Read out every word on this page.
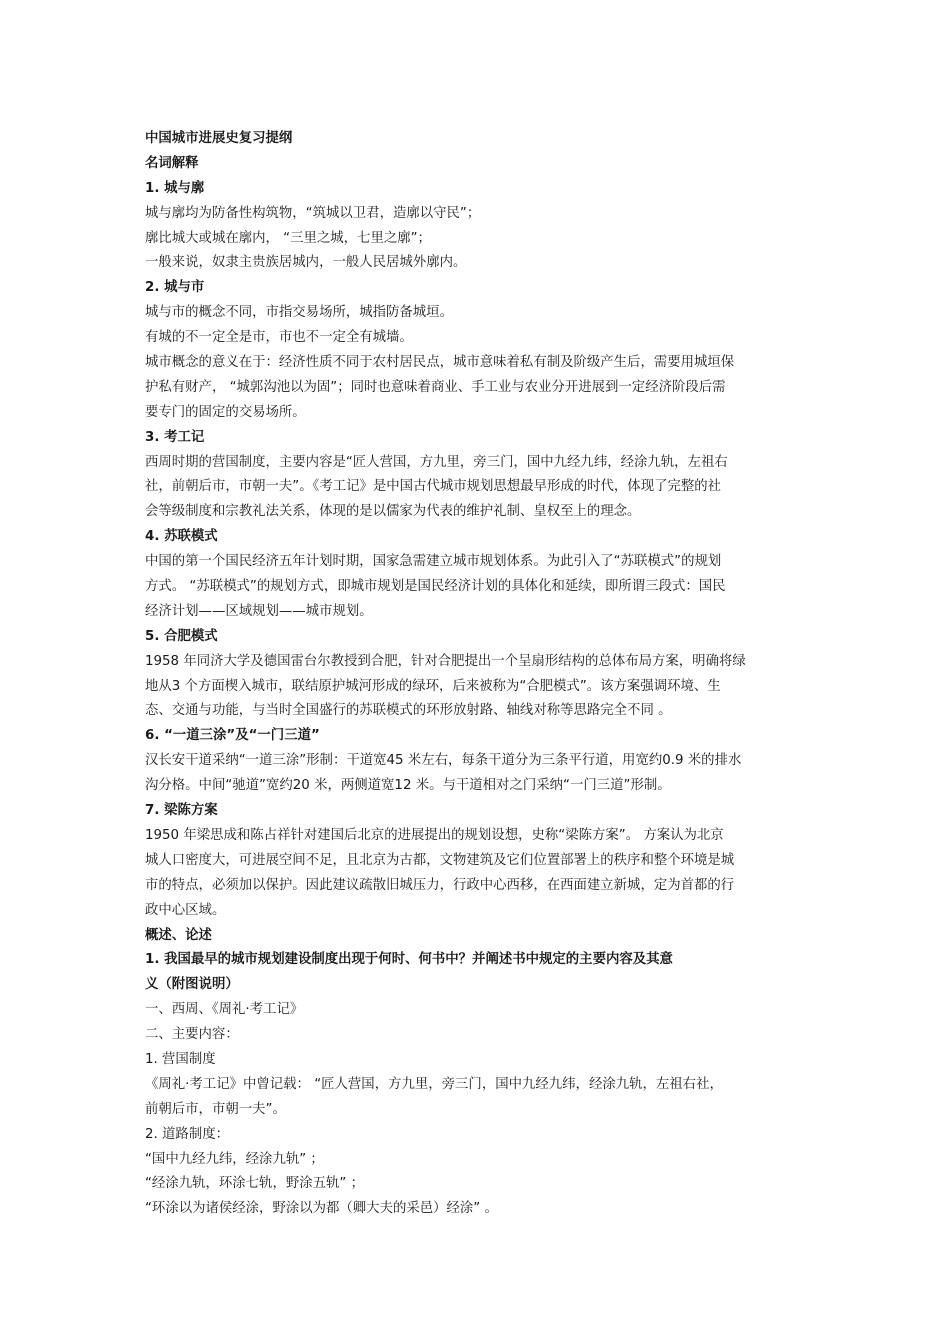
中国城市进展史复习提纲
名词解释
1. 城与廓
城与廓均为防备性构筑物，“筑城以卫君，造廓以守民”；
廓比城大或城在廓内， “三里之城，七里之廓”；
一般来说，奴隶主贵族居城内，一般人民居城外廓内。
2. 城与市
城与市的概念不同，市指交易场所，城指防备城垣。
有城的不一定全是市，市也不一定全有城墙。
城市概念的意义在于：经济性质不同于农村居民点，城市意味着私有制及阶级产生后，需要用城垣保
护私有财产， “城郭沟池以为固”；同时也意味着商业、手工业与农业分开进展到一定经济阶段后需
要专门的固定的交易场所。
3. 考工记
西周时期的营国制度，主要内容是“匠人营国，方九里，旁三门，国中九经九纬，经涂九轨，左祖右
社，前朝后市，市朝一夫”。《考工记》是中国古代城市规划思想最早形成的时代，体现了完整的社
会等级制度和宗教礼法关系，体现的是以儒家为代表的维护礼制、皇权至上的理念。
4. 苏联模式
中国的第一个国民经济五年计划时期，国家急需建立城市规划体系。为此引入了“苏联模式”的规划
方式。 “苏联模式”的规划方式，即城市规划是国民经济计划的具体化和延续，即所谓三段式：国民
经济计划——区域规划——城市规划。
5. 合肥模式
1958 年同济大学及德国雷台尔教授到合肥，针对合肥提出一个呈扇形结构的总体布局方案，明确将绿
地从3 个方面楔入城市，联结原护城河形成的绿环，后来被称为“合肥模式”。该方案强调环境、生
态、交通与功能，与当时全国盛行的苏联模式的环形放射路、轴线对称等思路完全不同 。
6. “一道三涂”及“一门三道”
汉长安干道采纳“一道三涂”形制：干道宽45 米左右，每条干道分为三条平行道，用宽约0.9 米的排水
沟分格。中间“驰道”宽约20 米，两侧道宽12 米。与干道相对之门采纳“一门三道”形制。
7. 梁陈方案
1950 年梁思成和陈占祥针对建国后北京的进展提出的规划设想，史称“梁陈方案”。 方案认为北京
城人口密度大，可进展空间不足，且北京为古都，文物建筑及它们位置部署上的秩序和整个环境是城
市的特点，必须加以保护。因此建议疏散旧城压力，行政中心西移，在西面建立新城，定为首都的行
政中心区域。
概述、论述
1. 我国最早的城市规划建设制度出现于何时、何书中？并阐述书中规定的主要内容及其意
义（附图说明）
一、西周、《周礼·考工记》
二、主要内容：
1. 营国制度
《周礼·考工记》中曾记载： “匠人营国，方九里，旁三门，国中九经九纬，经涂九轨，左祖右社，
前朝后市，市朝一夫”。
2. 道路制度：
“国中九经九纬，经涂九轨” ；
“经涂九轨，环涂七轨，野涂五轨” ；
“环涂以为诸侯经涂，野涂以为都（卿大夫的采邑）经涂” 。
